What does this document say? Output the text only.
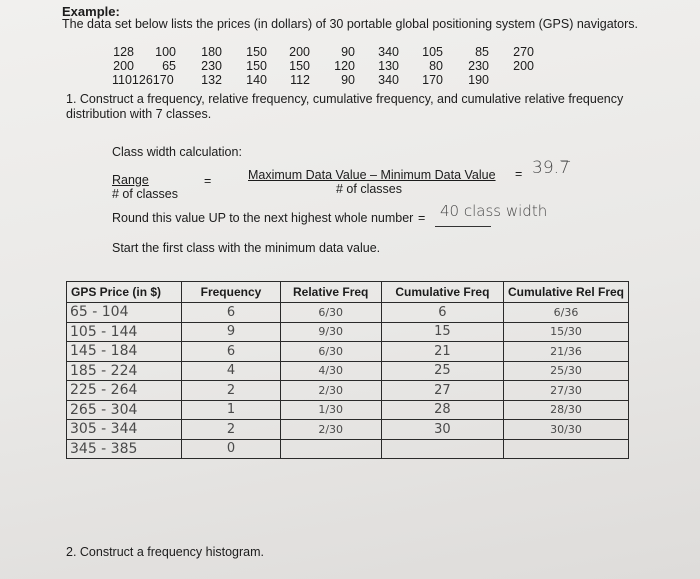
Example:
The data set below lists the prices (in dollars) of 30 portable global positioning system (GPS) navigators.
128	100	180	150	200	90	340	105	85	270
200	65	230	150	150	120	130	80	230	200
110126170	132	140	112	90	340	170	190
1. Construct a frequency, relative frequency, cumulative frequency, and cumulative relative frequency distribution with 7 classes.
Class width calculation:
Range
# of classes
=	Maximum Data Value – Minimum Data Value
# of classes
= 39.7̅
Round this value UP to the next highest whole number = 40 class width
Start the first class with the minimum data value.
GPS Price (in $)	Frequency	Relative Freq	Cumulative Freq	Cumulative Rel Freq
65 - 104	6	6/30	6	6/36
105 - 144	9	9/30	15	15/30
145 - 184	6	6/30	21	21/36
185 - 224	4	4/30	25	25/30
225 - 264	2	2/30	27	27/30
265 - 304	1	1/30	28	28/30
305 - 344	2	2/30	30	30/30
345 - 385	0			
2. Construct a frequency histogram.
